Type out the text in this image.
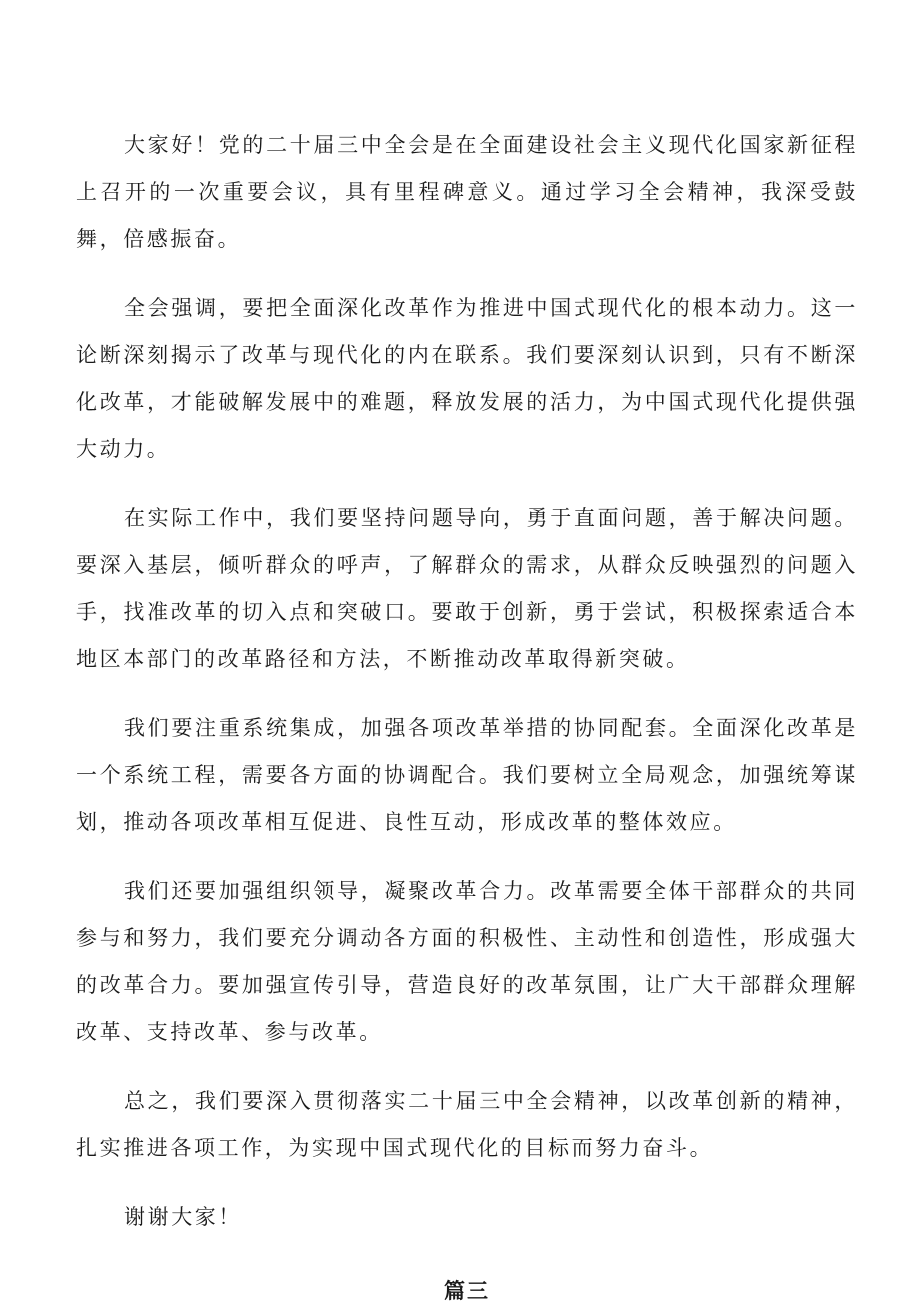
大家好！党的二十届三中全会是在全面建设社会主义现代化国家新征程上召开的一次重要会议，具有里程碑意义。通过学习全会精神，我深受鼓舞，倍感振奋。

全会强调，要把全面深化改革作为推进中国式现代化的根本动力。这一论断深刻揭示了改革与现代化的内在联系。我们要深刻认识到，只有不断深化改革，才能破解发展中的难题，释放发展的活力，为中国式现代化提供强大动力。

在实际工作中，我们要坚持问题导向，勇于直面问题，善于解决问题。要深入基层，倾听群众的呼声，了解群众的需求，从群众反映强烈的问题入手，找准改革的切入点和突破口。要敢于创新，勇于尝试，积极探索适合本地区本部门的改革路径和方法，不断推动改革取得新突破。

我们要注重系统集成，加强各项改革举措的协同配套。全面深化改革是一个系统工程，需要各方面的协调配合。我们要树立全局观念，加强统筹谋划，推动各项改革相互促进、良性互动，形成改革的整体效应。

我们还要加强组织领导，凝聚改革合力。改革需要全体干部群众的共同参与和努力，我们要充分调动各方面的积极性、主动性和创造性，形成强大的改革合力。要加强宣传引导，营造良好的改革氛围，让广大干部群众理解改革、支持改革、参与改革。

总之，我们要深入贯彻落实二十届三中全会精神，以改革创新的精神，扎实推进各项工作，为实现中国式现代化的目标而努力奋斗。

谢谢大家！

篇三
